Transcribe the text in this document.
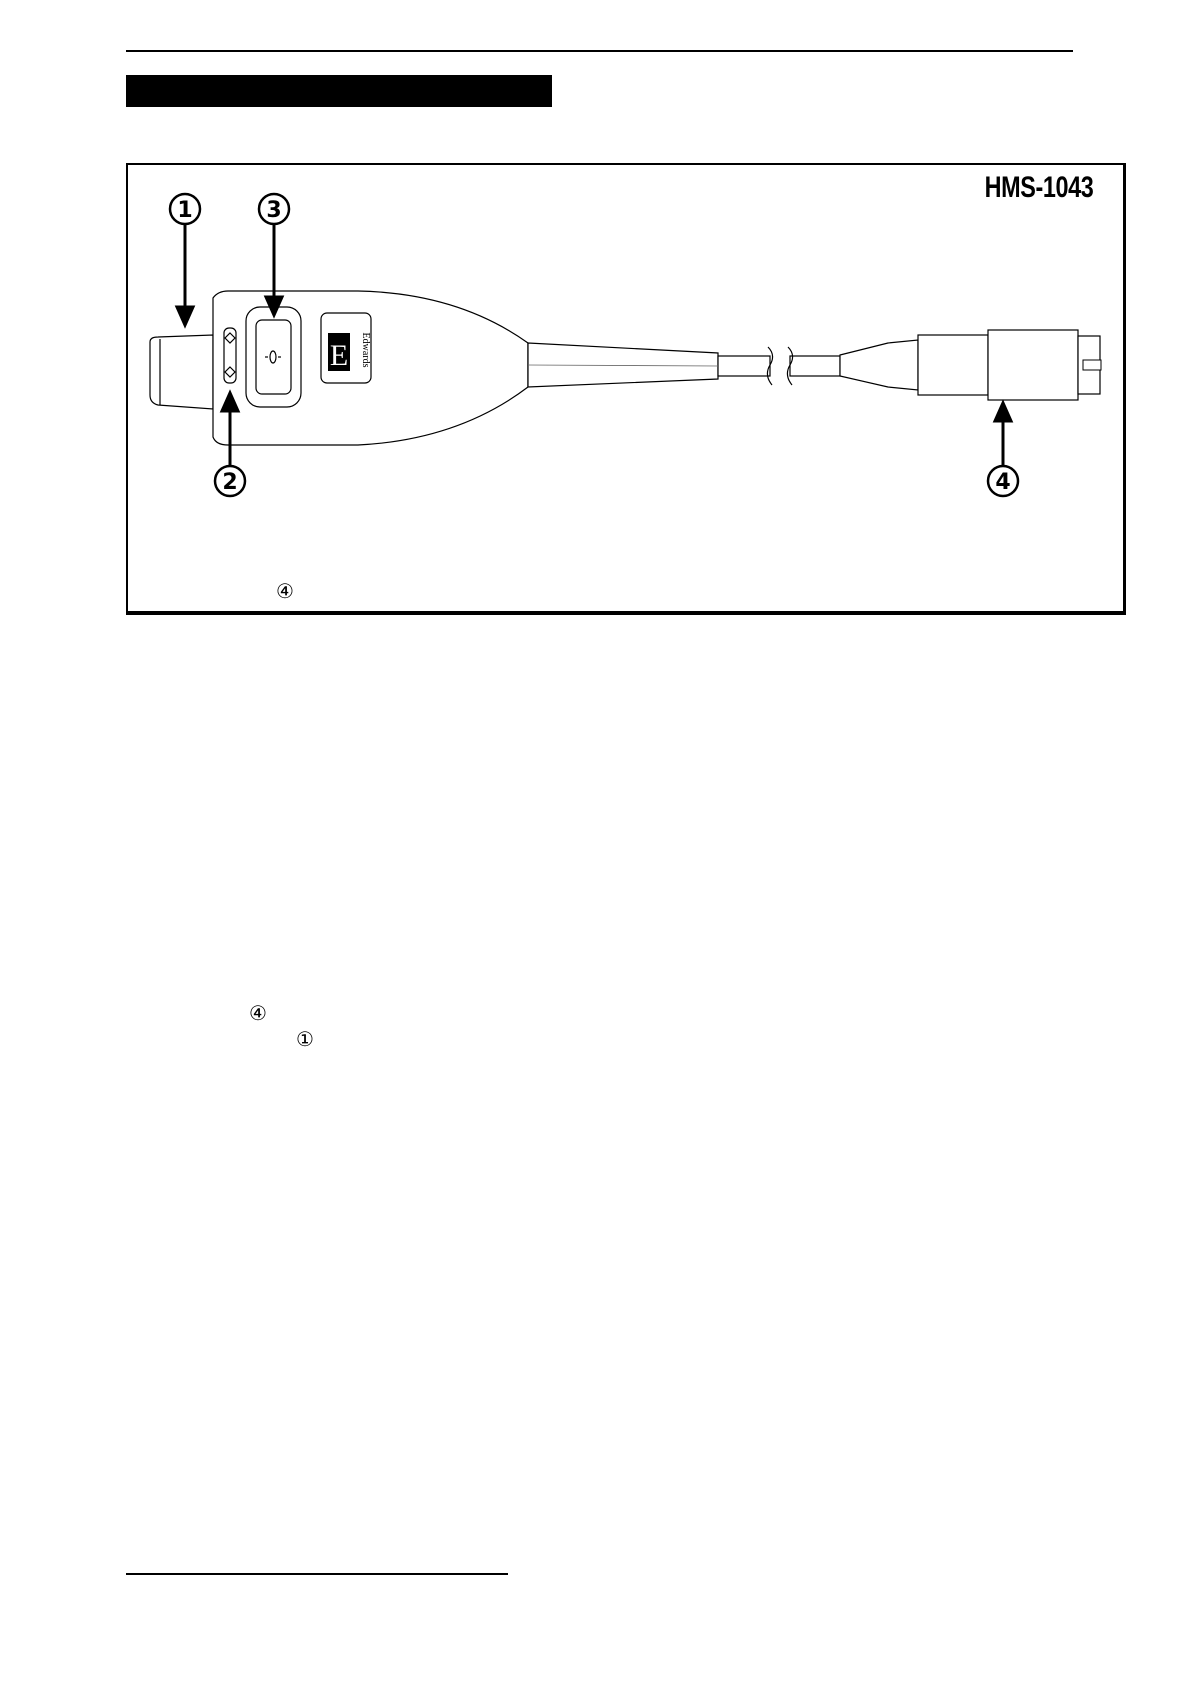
E Edwards
1	3
2	4
HMS-1043
④
④
①
